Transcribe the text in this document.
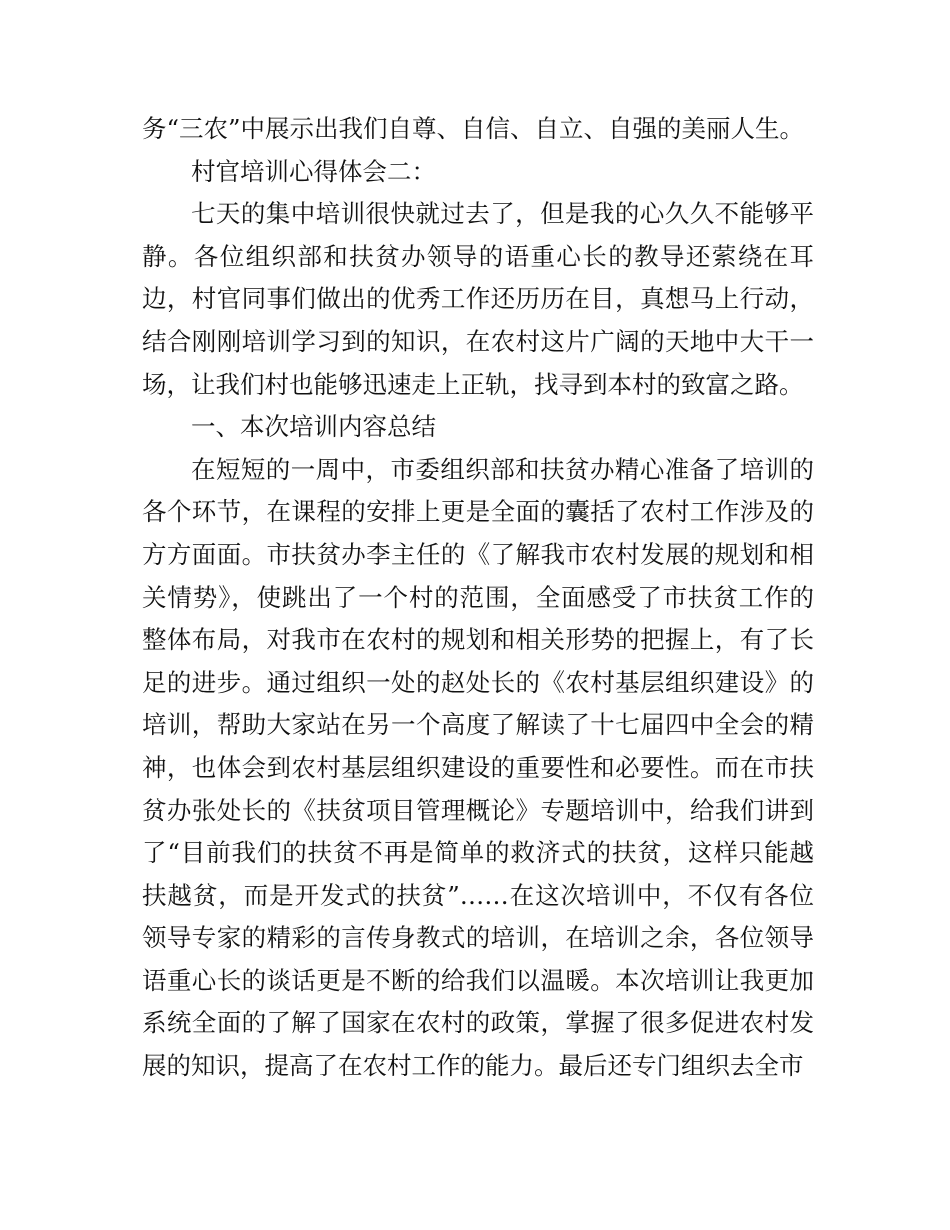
务“三农”中展示出我们自尊、自信、自立、自强的美丽人生。

村官培训心得体会二：

七天的集中培训很快就过去了，但是我的心久久不能够平静。各位组织部和扶贫办领导的语重心长的教导还萦绕在耳边，村官同事们做出的优秀工作还历历在目，真想马上行动，结合刚刚培训学习到的知识，在农村这片广阔的天地中大干一场，让我们村也能够迅速走上正轨，找寻到本村的致富之路。

一、本次培训内容总结

在短短的一周中，市委组织部和扶贫办精心准备了培训的各个环节，在课程的安排上更是全面的囊括了农村工作涉及的方方面面。市扶贫办李主任的《了解我市农村发展的规划和相关情势》，使跳出了一个村的范围，全面感受了市扶贫工作的整体布局，对我市在农村的规划和相关形势的把握上，有了长足的进步。通过组织一处的赵处长的《农村基层组织建设》的培训，帮助大家站在另一个高度了解读了十七届四中全会的精神，也体会到农村基层组织建设的重要性和必要性。而在市扶贫办张处长的《扶贫项目管理概论》专题培训中，给我们讲到了“目前我们的扶贫不再是简单的救济式的扶贫，这样只能越扶越贫，而是开发式的扶贫”……在这次培训中，不仅有各位领导专家的精彩的言传身教式的培训，在培训之余，各位领导语重心长的谈话更是不断的给我们以温暖。本次培训让我更加系统全面的了解了国家在农村的政策，掌握了很多促进农村发展的知识，提高了在农村工作的能力。最后还专门组织去全市
